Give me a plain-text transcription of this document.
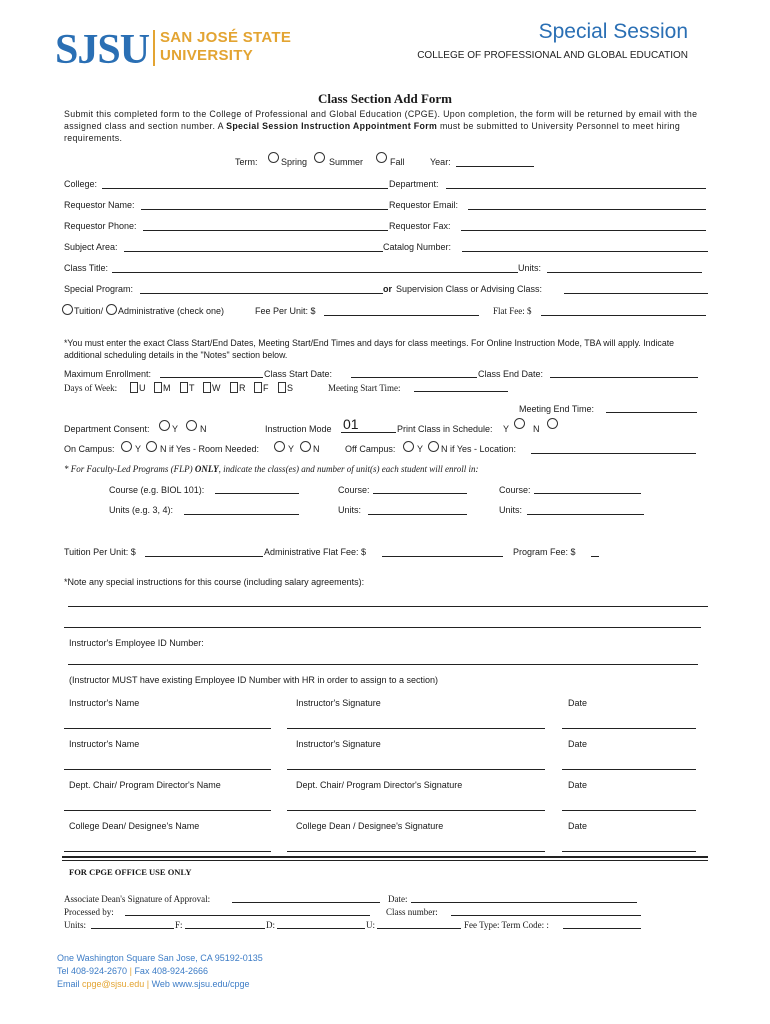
SJSU SAN JOSÉ STATE
UNIVERSITY
Special Session
COLLEGE OF PROFESSIONAL AND GLOBAL EDUCATION
Class Section Add Form
Submit this completed form to the College of Professional and Global Education (CPGE). Upon completion, the form will be returned by email with the assigned class and section number. A Special Session Instruction Appointment Form must be submitted to University Personnel to meet hiring requirements.
Term:	Spring Summer	Fall	Year:
College:	Department:
Requestor Name:	Requestor Email:
Requestor Phone:	Requestor Fax:
Subject Area:	Catalog Number:
Class Title:	Units:
Special Program:	or Supervision Class or Advising Class:
Tuition/ Administrative (check one)	Fee Per Unit: $	Flat Fee: $
*You must enter the exact Class Start/End Dates, Meeting Start/End Times and days for class meetings. For Online Instruction Mode, TBA will apply. Indicate additional scheduling details in the "Notes" section below.
Maximum Enrollment:	Class Start Date:	Class End Date:
Days of Week: U M T W R F S	Meeting Start Time:
Meeting End Time:
Department Consent: Y N	Instruction Mode 01	Print Class in Schedule: Y	N
On Campus: Y N if Yes - Room Needed:	Y N	Off Campus: Y N if Yes - Location:
* For Faculty-Led Programs (FLP) ONLY, indicate the class(es) and number of unit(s) each student will enroll in:
Course (e.g. BIOL 101):	Course:	Course:
Units (e.g. 3, 4):	Units:	Units:
Tuition Per Unit: $	Administrative Flat Fee: $	Program Fee: $
*Note any special instructions for this course (including salary agreements):
Instructor's Employee ID Number:
(Instructor MUST have existing Employee ID Number with HR in order to assign to a section)
Instructor's Name	Instructor's Signature	Date
Instructor's Name	Instructor's Signature	Date
Dept. Chair/ Program Director's Name	Dept. Chair/ Program Director's Signature	Date
College Dean/ Designee's Name	College Dean / Designee's Signature	Date
FOR CPGE OFFICE USE ONLY
Associate Dean's Signature of Approval:	Date:
Processed by:	Class number:
Units:	F:	D:	U:	Fee Type: Term Code: :
One Washington Square San Jose, CA 95192-0135
Tel 408-924-2670 | Fax 408-924-2666
Email cpge@sjsu.edu | Web www.sjsu.edu/cpge
